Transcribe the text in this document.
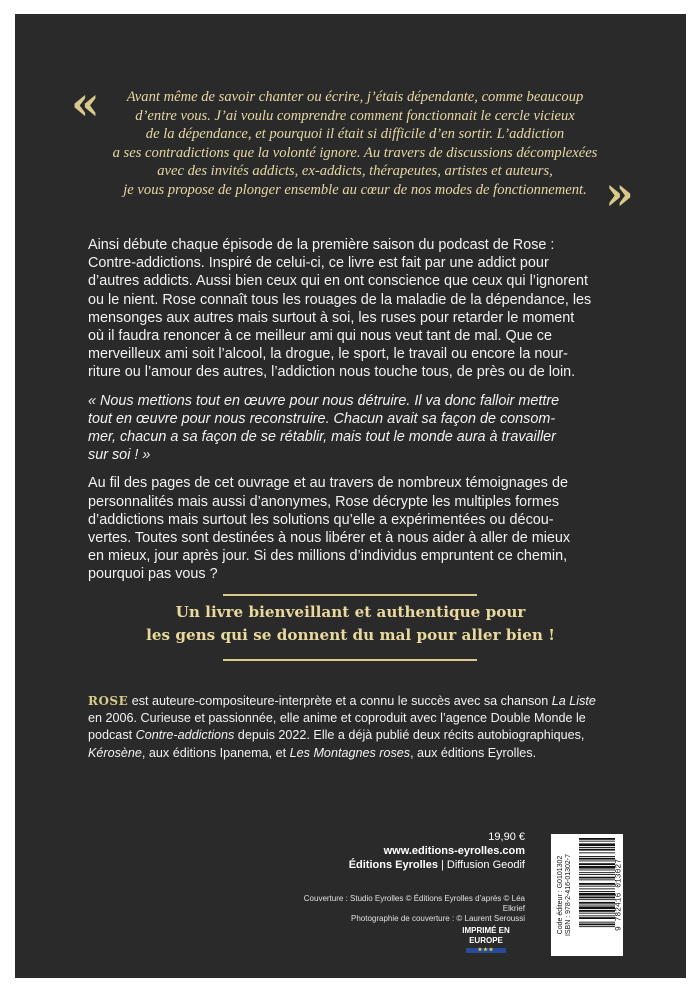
«	Avant même de savoir chanter ou écrire, j’étais dépendante, comme beaucoup
d’entre vous. J’ai voulu comprendre comment fonctionnait le cercle vicieux
de la dépendance, et pourquoi il était si difficile d’en sortir. L’addiction
a ses contradictions que la volonté ignore. Au travers de discussions décomplexées
avec des invités addicts, ex-addicts, thérapeutes, artistes et auteurs,
je vous propose de plonger ensemble au cœur de nos modes de fonctionnement. »
Ainsi débute chaque épisode de la première saison du podcast de Rose :
Contre-addictions. Inspiré de celui-ci, ce livre est fait par une addict pour
d’autres addicts. Aussi bien ceux qui en ont conscience que ceux qui l’ignorent
ou le nient. Rose connaît tous les rouages de la maladie de la dépendance, les
mensonges aux autres mais surtout à soi, les ruses pour retarder le moment
où il faudra renoncer à ce meilleur ami qui nous veut tant de mal. Que ce
merveilleux ami soit l’alcool, la drogue, le sport, le travail ou encore la nour-
riture ou l’amour des autres, l’addiction nous touche tous, de près ou de loin.
« Nous mettions tout en œuvre pour nous détruire. Il va donc falloir mettre
tout en œuvre pour nous reconstruire. Chacun avait sa façon de consom-
mer, chacun a sa façon de se rétablir, mais tout le monde aura à travailler
sur soi ! »
Au fil des pages de cet ouvrage et au travers de nombreux témoignages de
personnalités mais aussi d’anonymes, Rose décrypte les multiples formes
d’addictions mais surtout les solutions qu’elle a expérimentées ou décou-
vertes. Toutes sont destinées à nous libérer et à nous aider à aller de mieux
en mieux, jour après jour. Si des millions d’individus empruntent ce chemin,
pourquoi pas vous ?
Un livre bienveillant et authentique pour
les gens qui se donnent du mal pour aller bien !
ROSE est auteure-compositeure-interprète et a connu le succès avec sa chanson La Liste
en 2006. Curieuse et passionnée, elle anime et coproduit avec l’agence Double Monde le
podcast Contre-addictions depuis 2022. Elle a déjà publié deux récits autobiographiques,
Kérosène, aux éditions Ipanema, et Les Montagnes roses, aux éditions Eyrolles.
19,90 €
www.editions-eyrolles.com
Éditions Eyrolles | Diffusion Geodif
Couverture : Studio Eyrolles © Éditions Eyrolles d’après © Léa Elkrief
Photographie de couverture : © Laurent Seroussi
IMPRIMÉ EN EUROPE
★★★
Code éditeur : G0101302 ISBN : 978-2-416-01302-7	9 782416 013027
